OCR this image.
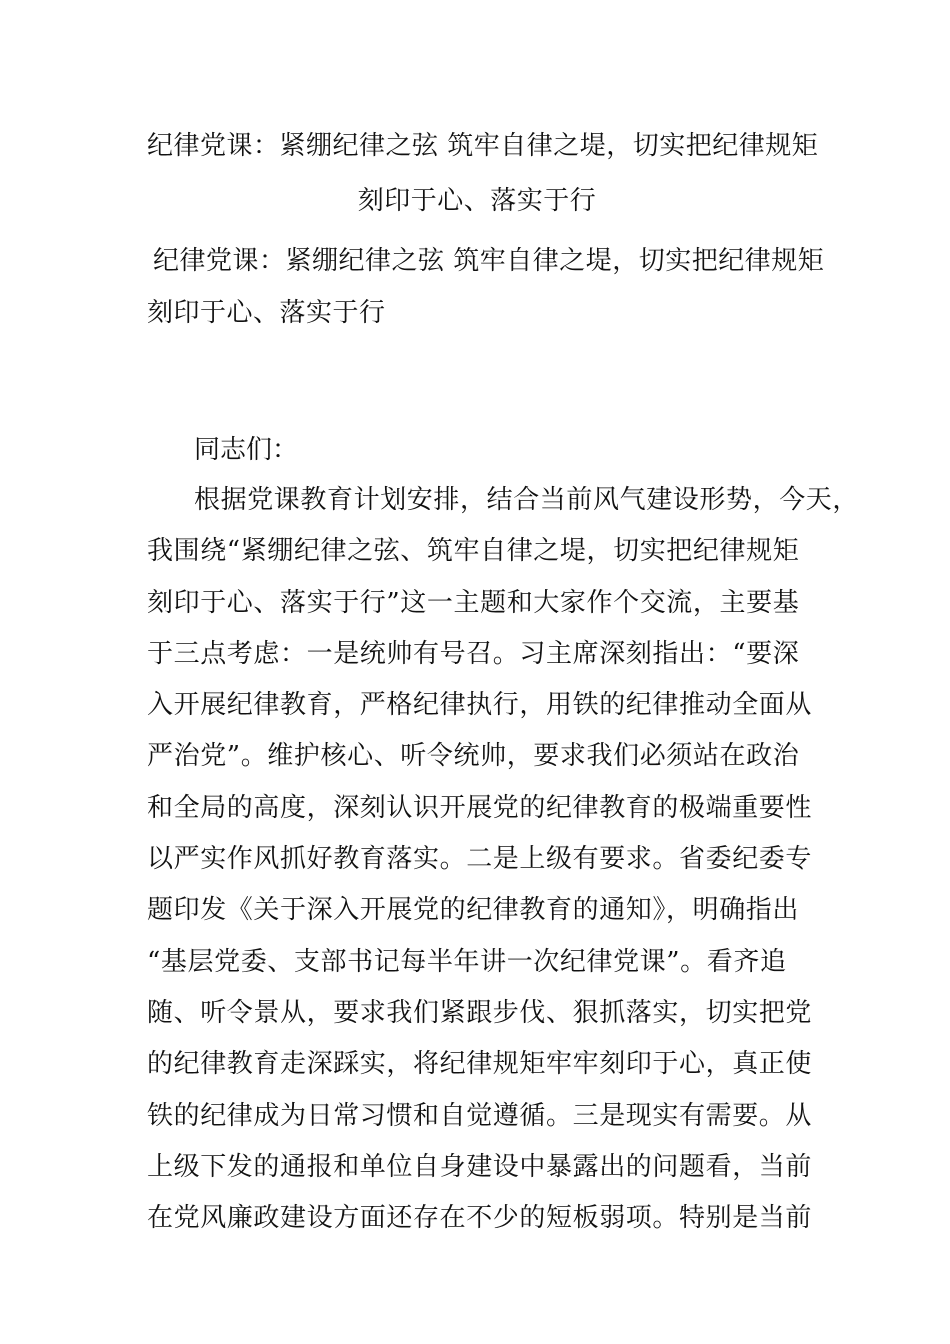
纪律党课：紧绷纪律之弦 筑牢自律之堤，切实把纪律规矩
刻印于心、落实于行
纪律党课：紧绷纪律之弦 筑牢自律之堤，切实把纪律规矩
刻印于心、落实于行
同志们：
根据党课教育计划安排，结合当前风气建设形势，今天，
我围绕“紧绷纪律之弦、筑牢自律之堤，切实把纪律规矩
刻印于心、落实于行”这一主题和大家作个交流，主要基
于三点考虑：一是统帅有号召。习主席深刻指出：“要深
入开展纪律教育，严格纪律执行，用铁的纪律推动全面从
严治党”。维护核心、听令统帅，要求我们必须站在政治
和全局的高度，深刻认识开展党的纪律教育的极端重要性
以严实作风抓好教育落实。二是上级有要求。省委纪委专
题印发《关于深入开展党的纪律教育的通知》，明确指出
“基层党委、支部书记每半年讲一次纪律党课”。看齐追
随、听令景从，要求我们紧跟步伐、狠抓落实，切实把党
的纪律教育走深踩实，将纪律规矩牢牢刻印于心，真正使
铁的纪律成为日常习惯和自觉遵循。三是现实有需要。从
上级下发的通报和单位自身建设中暴露出的问题看，当前
在党风廉政建设方面还存在不少的短板弱项。特别是当前
